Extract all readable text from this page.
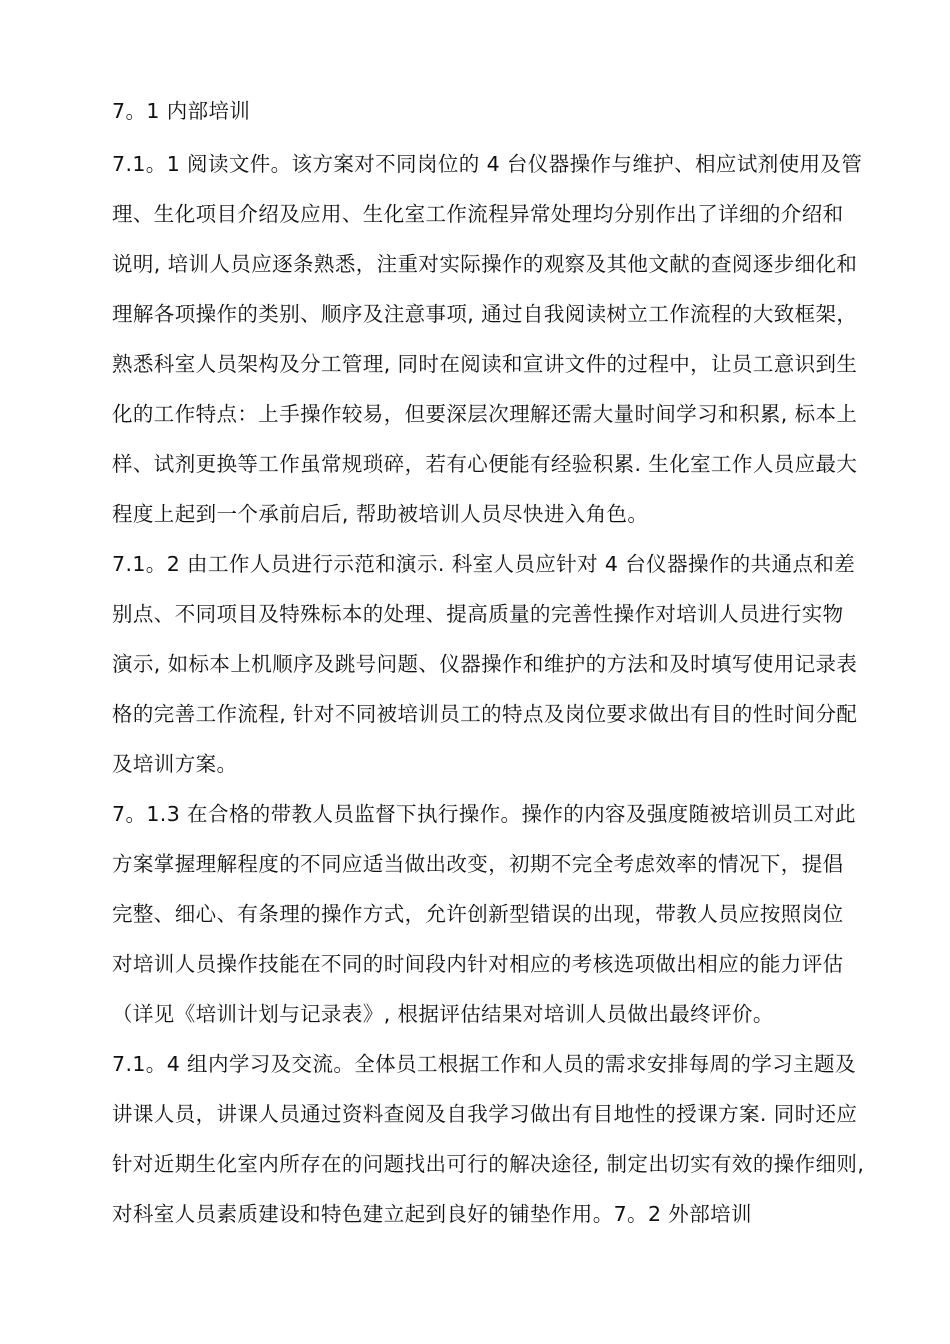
7。1 内部培训
7.1。1 阅读文件。该方案对不同岗位的 4 台仪器操作与维护、相应试剂使用及管
理、生化项目介绍及应用、生化室工作流程异常处理均分别作出了详细的介绍和
说明, 培训人员应逐条熟悉，注重对实际操作的观察及其他文献的查阅逐步细化和
理解各项操作的类别、顺序及注意事项, 通过自我阅读树立工作流程的大致框架，
熟悉科室人员架构及分工管理, 同时在阅读和宣讲文件的过程中，让员工意识到生
化的工作特点：上手操作较易，但要深层次理解还需大量时间学习和积累, 标本上
样、试剂更换等工作虽常规琐碎，若有心便能有经验积累. 生化室工作人员应最大
程度上起到一个承前启后, 帮助被培训人员尽快进入角色。
7.1。2 由工作人员进行示范和演示. 科室人员应针对 4 台仪器操作的共通点和差
别点、不同项目及特殊标本的处理、提高质量的完善性操作对培训人员进行实物
演示, 如标本上机顺序及跳号问题、仪器操作和维护的方法和及时填写使用记录表
格的完善工作流程, 针对不同被培训员工的特点及岗位要求做出有目的性时间分配
及培训方案。
7。1.3 在合格的带教人员监督下执行操作。操作的内容及强度随被培训员工对此
方案掌握理解程度的不同应适当做出改变，初期不完全考虑效率的情况下，提倡
完整、细心、有条理的操作方式，允许创新型错误的出现，带教人员应按照岗位
对培训人员操作技能在不同的时间段内针对相应的考核选项做出相应的能力评估
（详见《培训计划与记录表》, 根据评估结果对培训人员做出最终评价。
7.1。4 组内学习及交流。全体员工根据工作和人员的需求安排每周的学习主题及
讲课人员，讲课人员通过资料查阅及自我学习做出有目地性的授课方案. 同时还应
针对近期生化室内所存在的问题找出可行的解决途径, 制定出切实有效的操作细则,
对科室人员素质建设和特色建立起到良好的铺垫作用。7。2 外部培训
